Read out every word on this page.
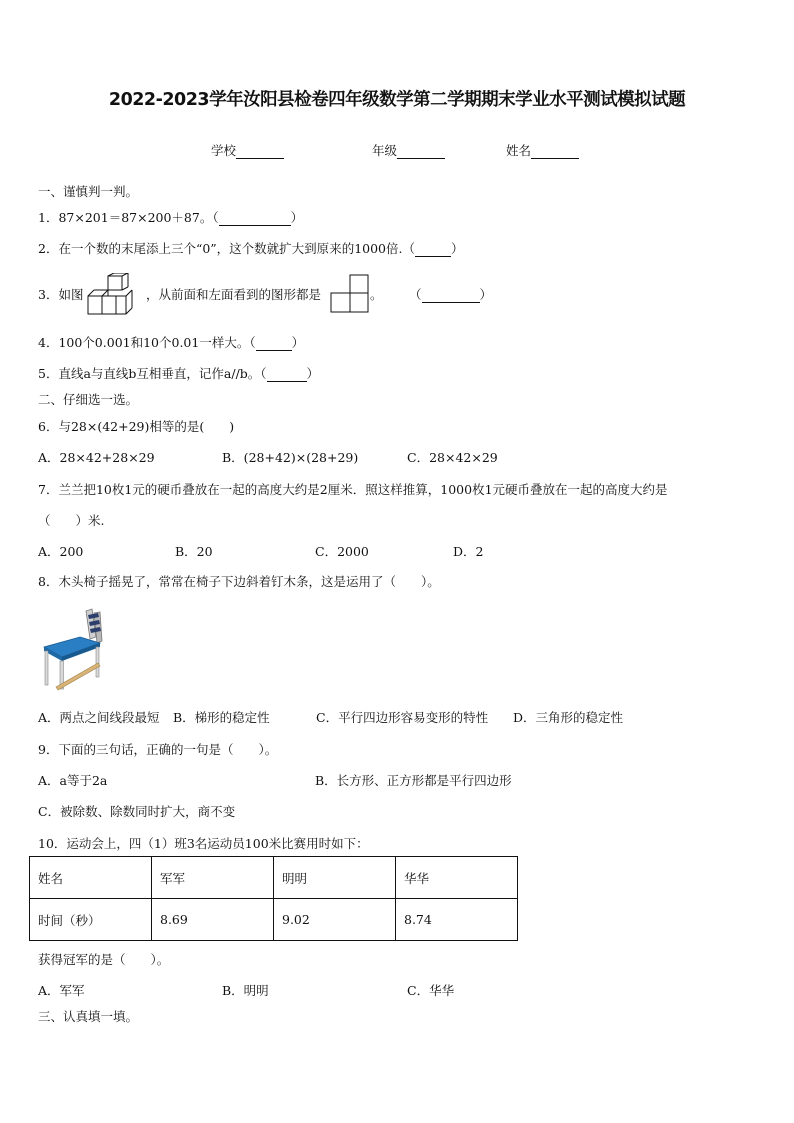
2022-2023学年汝阳县检卷四年级数学第二学期期末学业水平测试模拟试题
学校	年级	姓名
一、谨慎判一判。
1．87×201＝87×200＋87。（	）
2．在一个数的末尾添上三个“0”，这个数就扩大到原来的1000倍.（	）
3．如图	，从前面和左面看到的图形都是	。 （	）
4．100个0.001和10个0.01一样大。（	）
5．直线a与直线b互相垂直，记作a//b。（	）
二、仔细选一选。
6．与28×(42+29)相等的是(　　)
A．28×42+28×29	B．(28+42)×(28+29)	C．28×42×29
7．兰兰把10枚1元的硬币叠放在一起的高度大约是2厘米．照这样推算，1000枚1元硬币叠放在一起的高度大约是
（　　）米.
A．200	B．20	C．2000	D．2
8．木头椅子摇晃了，常常在椅子下边斜着钉木条，这是运用了（　　）。
A．两点之间线段最短 B．梯形的稳定性	C．平行四边形容易变形的特性 D．三角形的稳定性
9．下面的三句话，正确的一句是（　　）。
A．a等于2a	B．长方形、正方形都是平行四边形
C．被除数、除数同时扩大，商不变
10．运动会上，四（1）班3名运动员100米比赛用时如下：
姓名	军军	明明	华华
时间（秒）	8.69	9.02	8.74
获得冠军的是（　　）。
A．军军	B．明明	C．华华
三、认真填一填。
